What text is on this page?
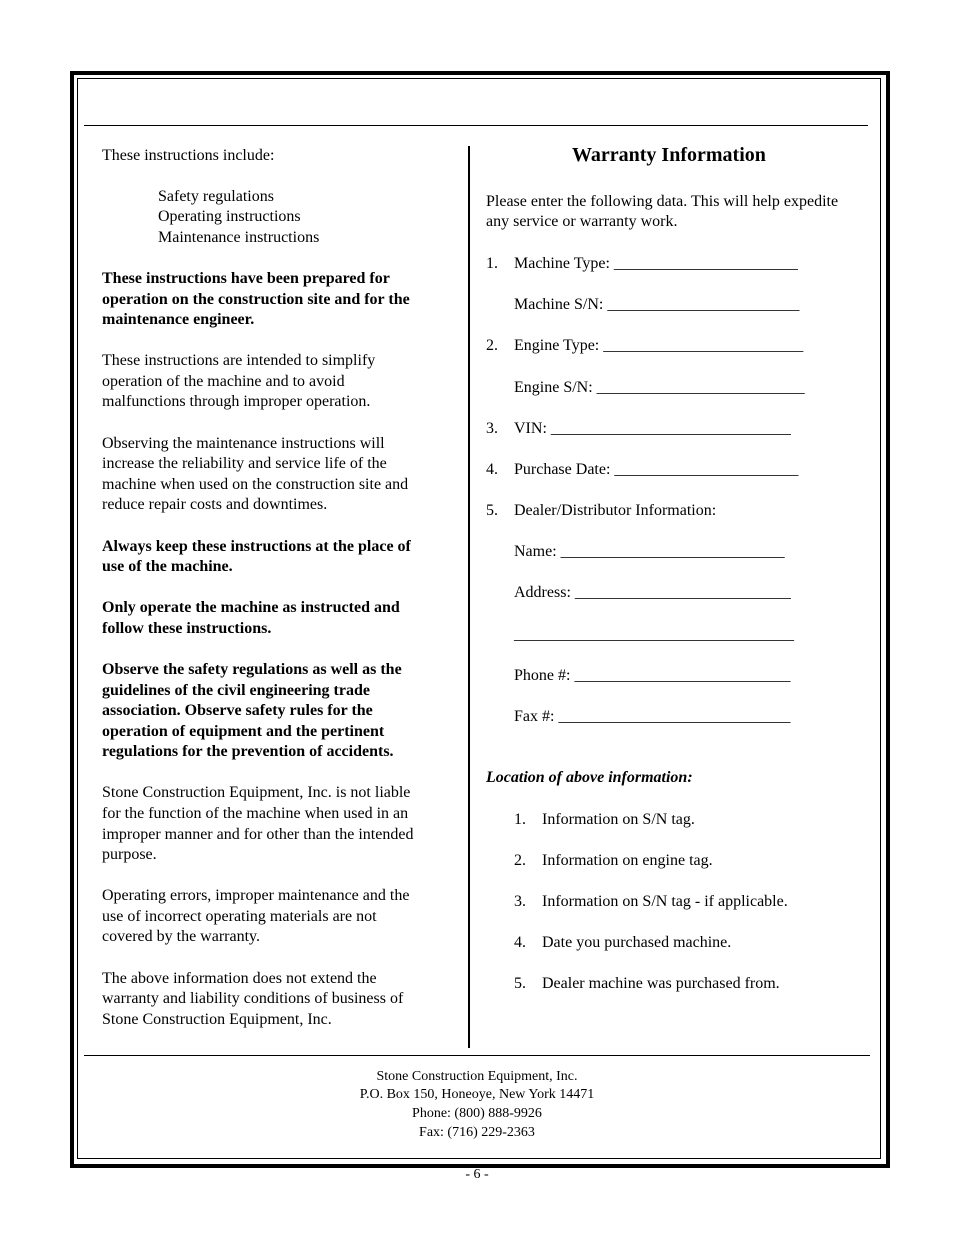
These instructions include:
Safety regulations
Operating instructions
Maintenance instructions
These instructions have been prepared for
operation on the construction site and for the
maintenance engineer.
These instructions are intended to simplify
operation of the machine and to avoid
malfunctions through improper operation.
Observing the maintenance instructions will
increase the reliability and service life of the
machine when used on the construction site and
reduce repair costs and downtimes.
Always keep these instructions at the place of
use of the machine.
Only operate the machine as instructed and
follow these instructions.
Observe the safety regulations as well as the
guidelines of the civil engineering trade
association. Observe safety rules for the
operation of equipment and the pertinent
regulations for the prevention of accidents.
Stone Construction Equipment, Inc. is not liable
for the function of the machine when used in an
improper manner and for other than the intended
purpose.
Operating errors, improper maintenance and the
use of incorrect operating materials are not
covered by the warranty.
The above information does not extend the
warranty and liability conditions of business of
Stone Construction Equipment, Inc.
Warranty Information
Please enter the following data. This will help expedite
any service or warranty work.
1. Machine Type: _______________________
Machine S/N: ________________________
2. Engine Type: _________________________
Engine S/N: __________________________
3. VIN: ______________________________
4. Purchase Date: _______________________
5. Dealer/Distributor Information:
Name: ____________________________
Address: ___________________________
___________________________________
Phone #: ___________________________
Fax #: _____________________________
Location of above information:
1. Information on S/N tag.
2. Information on engine tag.
3. Information on S/N tag - if applicable.
4. Date you purchased machine.
5. Dealer machine was purchased from.
Stone Construction Equipment, Inc.
P.O. Box 150, Honeoye, New York 14471
Phone: (800) 888-9926
Fax: (716) 229-2363
- 6 -
